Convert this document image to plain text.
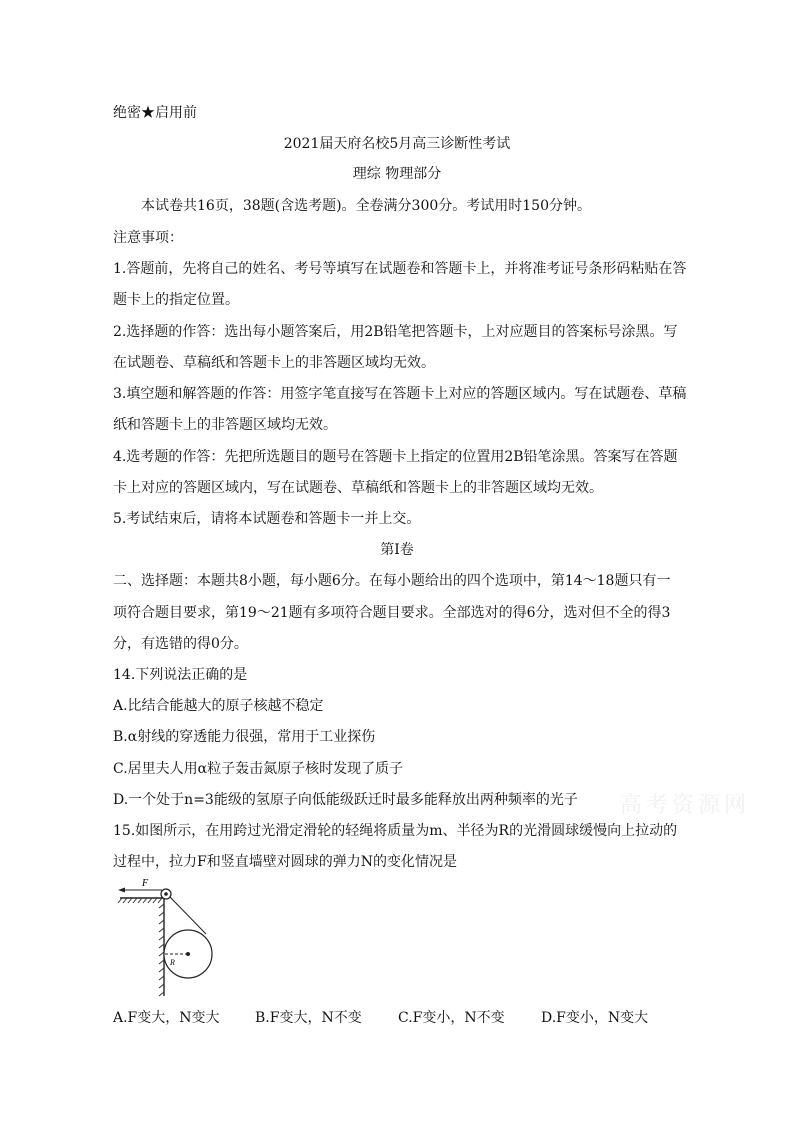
绝密★启用前
2021届天府名校5月高三诊断性考试
理综 物理部分
本试卷共16页，38题(含选考题)。全卷满分300分。考试用时150分钟。
注意事项：
1.答题前，先将自己的姓名、考号等填写在试题卷和答题卡上，并将准考证号条形码粘贴在答
题卡上的指定位置。
2.选择题的作答：选出每小题答案后，用2B铅笔把答题卡，上对应题目的答案标号涂黑。写
在试题卷、草稿纸和答题卡上的非答题区域均无效。
3.填空题和解答题的作答：用签字笔直接写在答题卡上对应的答题区域内。写在试题卷、草稿
纸和答题卡上的非答题区域均无效。
4.选考题的作答：先把所选题目的题号在答题卡上指定的位置用2B铅笔涂黑。答案写在答题
卡上对应的答题区域内，写在试题卷、草稿纸和答题卡上的非答题区域均无效。
5.考试结束后，请将本试题卷和答题卡一并上交。
第I卷
二、选择题：本题共8小题，每小题6分。在每小题给出的四个选项中，第14～18题只有一
项符合题目要求，第19～21题有多项符合题目要求。全部选对的得6分，选对但不全的得3
分，有选错的得0分。
14.下列说法正确的是
A.比结合能越大的原子核越不稳定
B.α射线的穿透能力很强，常用于工业探伤
C.居里夫人用α粒子轰击氮原子核时发现了质子
D.一个处于n=3能级的氢原子向低能级跃迁时最多能释放出两种频率的光子 高考资源网
15.如图所示，在用跨过光滑定滑轮的轻绳将质量为m、半径为R的光滑圆球缓慢向上拉动的
过程中，拉力F和竖直墙壁对圆球的弹力N的变化情况是
F
R
A.F变大，N变大	B.F变大，N不变	C.F变小，N不变	D.F变小，N变大
